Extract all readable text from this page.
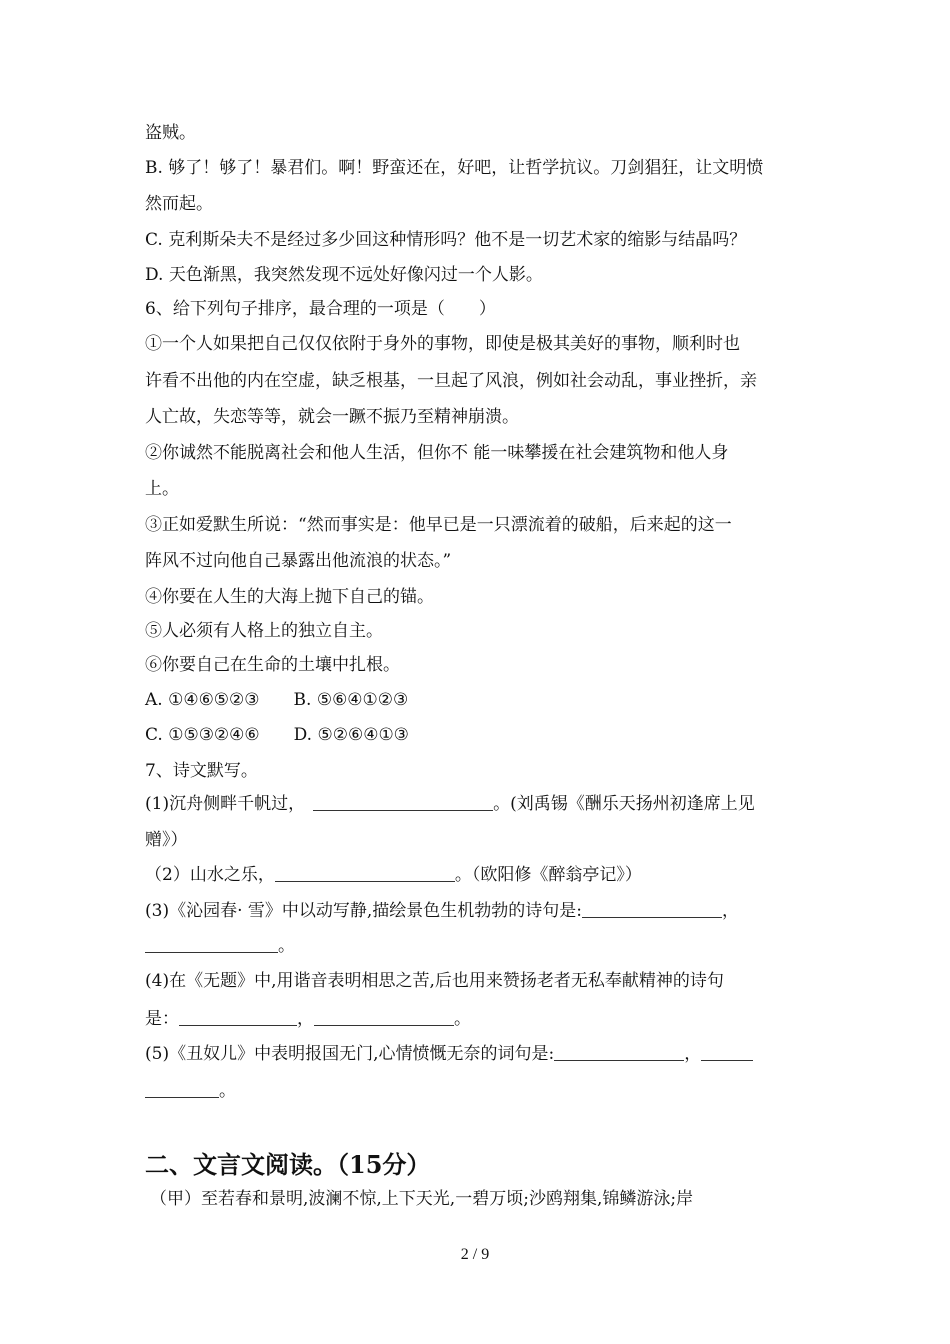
盗贼。
B. 够了！够了！暴君们。啊！野蛮还在，好吧，让哲学抗议。刀剑猖狂，让文明愤
然而起。
C. 克利斯朵夫不是经过多少回这种情形吗？他不是一切艺术家的缩影与结晶吗？
D. 天色渐黑，我突然发现不远处好像闪过一个人影。
6、给下列句子排序，最合理的一项是（　　）
①一个人如果把自己仅仅依附于身外的事物，即使是极其美好的事物，顺利时也
许看不出他的内在空虚，缺乏根基，一旦起了风浪，例如社会动乱，事业挫折，亲
人亡故，失恋等等，就会一蹶不振乃至精神崩溃。
②你诚然不能脱离社会和他人生活，但你不 能一味攀援在社会建筑物和他人身
上。
③正如爱默生所说：“然而事实是：他早已是一只漂流着的破船，后来起的这一
阵风不过向他自己暴露出他流浪的状态。”
④你要在人生的大海上抛下自己的锚。
⑤人必须有人格上的独立自主。
⑥你要自己在生命的土壤中扎根。
A. ①④⑥⑤②③　　B. ⑤⑥④①②③
C. ①⑤③②④⑥　　D. ⑤②⑥④①③
7、诗文默写。
(1)沉舟侧畔千帆过，	。(刘禹锡《酬乐天扬州初逢席上见
赠》）
（2）山水之乐，	。（欧阳修《醉翁亭记》）
(3)《沁园春· 雪》中以动写静,描绘景色生机勃勃的诗句是:	，
。
(4)在《无题》中,用谐音表明相思之苦,后也用来赞扬老者无私奉献精神的诗句
是：	，	。
(5)《丑奴儿》中表明报国无门,心情愤慨无奈的词句是:	，
。
二、文言文阅读。（15分）
（甲）至若春和景明,波澜不惊,上下天光,一碧万顷;沙鸥翔集,锦鳞游泳;岸
2 / 9
